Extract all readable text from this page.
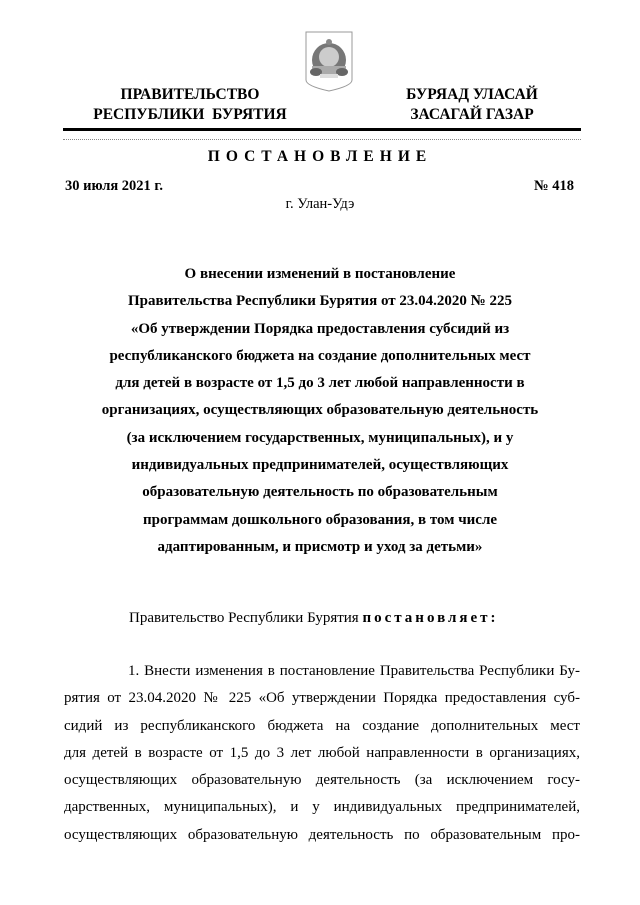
ПРАВИТЕЛЬСТВО
РЕСПУБЛИКИ  БУРЯТИЯ
БУРЯАД УЛАСАЙ
ЗАСАГАЙ ГАЗАР
ПОСТАНОВЛЕНИЕ
30 июля 2021 г.	№ 418
г. Улан-Удэ
О внесении изменений в постановление
Правительства Республики Бурятия от 23.04.2020 № 225
«Об утверждении Порядка предоставления субсидий из
республиканского бюджета на создание дополнительных мест
для детей в возрасте от 1,5 до 3 лет любой направленности в
организациях, осуществляющих образовательную деятельность
(за исключением государственных, муниципальных), и у
индивидуальных предпринимателей, осуществляющих
образовательную деятельность по образовательным
программам дошкольного образования, в том числе
адаптированным, и присмотр и уход за детьми»
Правительство Республики Бурятия постановляет:
1. Внести изменения в постановление Правительства Республики Бу-
рятия от 23.04.2020 № 225 «Об утверждении Порядка предоставления суб-
сидий из республиканского бюджета на создание дополнительных мест
для детей в возрасте от 1,5 до 3 лет любой направленности в организациях,
осуществляющих образовательную деятельность (за исключением госу-
дарственных, муниципальных), и у индивидуальных предпринимателей,
осуществляющих образовательную деятельность по образовательным про-
